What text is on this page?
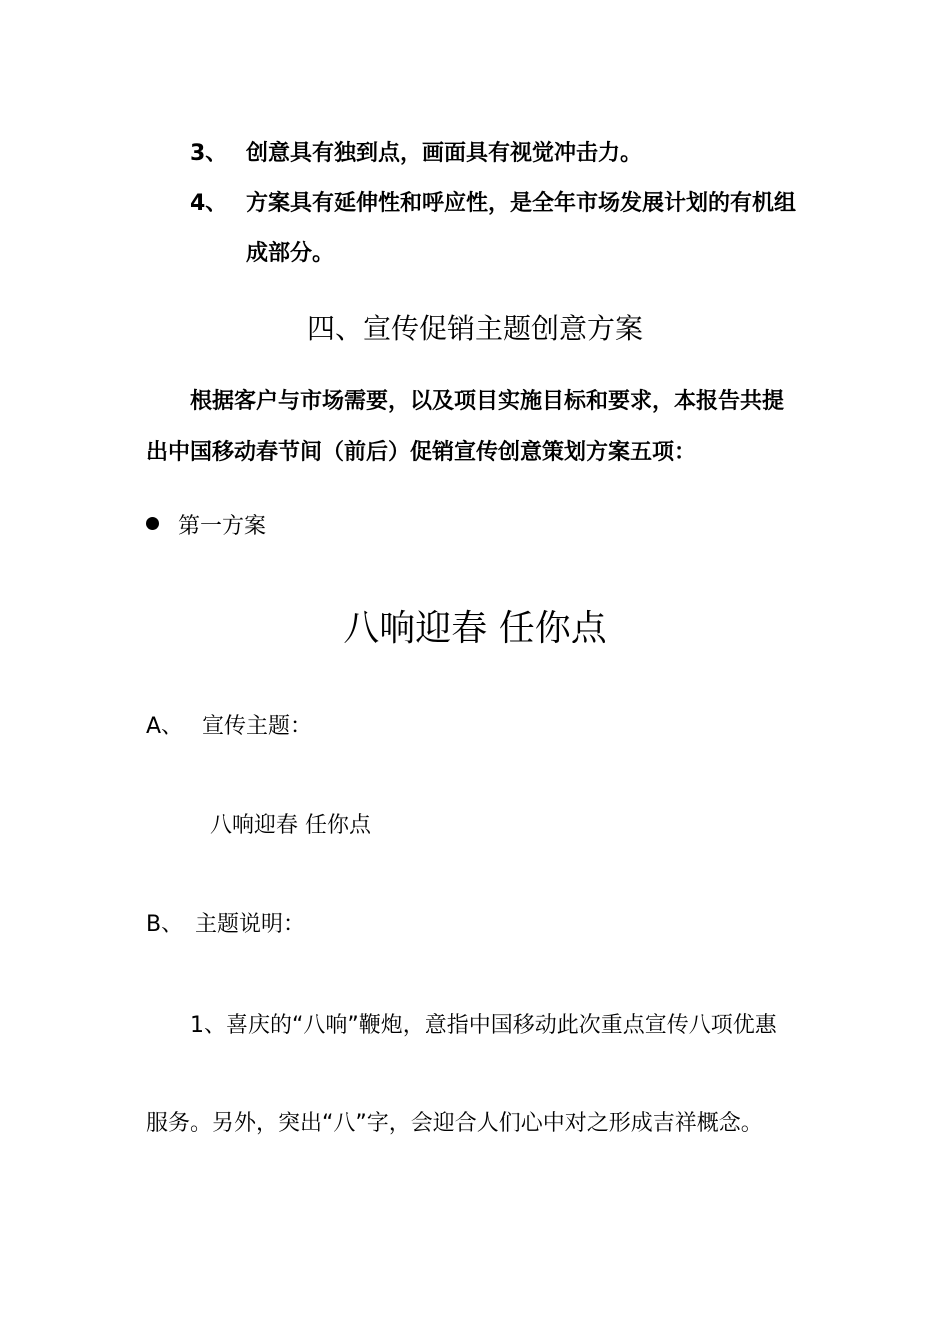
3、 创意具有独到点，画面具有视觉冲击力。
4、 方案具有延伸性和呼应性，是全年市场发展计划的有机组
成部分。
四、宣传促销主题创意方案
根据客户与市场需要，以及项目实施目标和要求，本报告共提
出中国移动春节间（前后）促销宣传创意策划方案五项：
第一方案
八响迎春 任你点
A、 宣传主题：
八响迎春 任你点
B、 主题说明：
1、喜庆的“八响”鞭炮，意指中国移动此次重点宣传八项优惠
服务。另外，突出“八”字，会迎合人们心中对之形成吉祥概念。
